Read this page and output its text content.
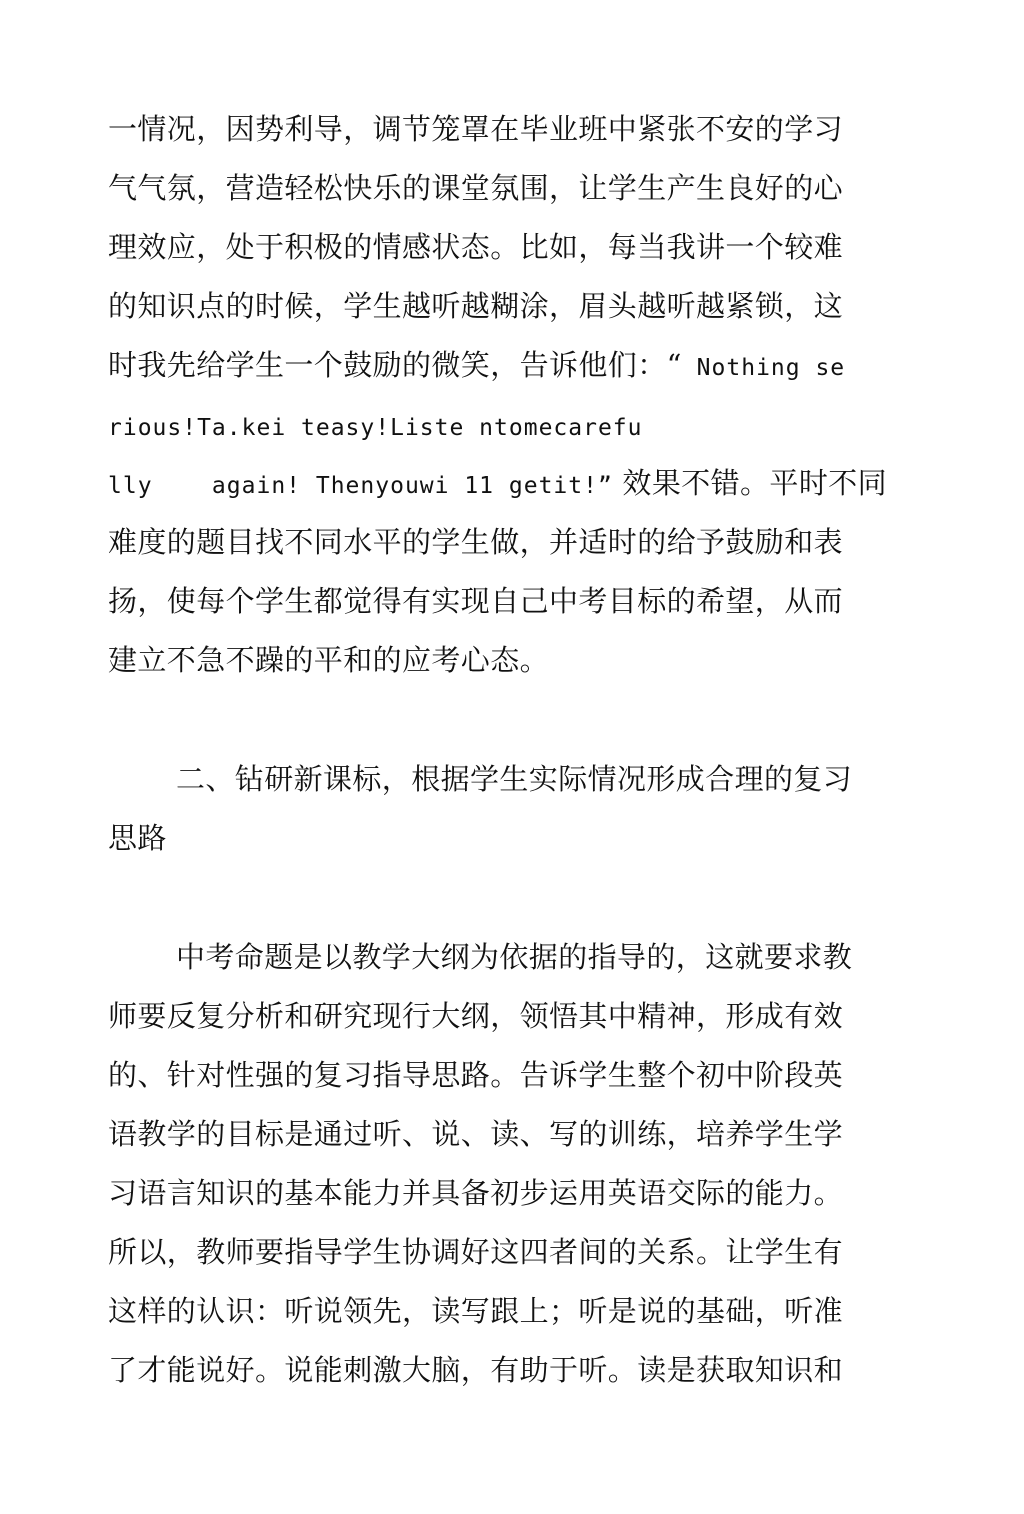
一情况，因势利导，调节笼罩在毕业班中紧张不安的学习
气气氛，营造轻松快乐的课堂氛围，让学生产生良好的心
理效应，处于积极的情感状态。比如，每当我讲一个较难
的知识点的时候，学生越听越糊涂，眉头越听越紧锁，这
时我先给学生一个鼓励的微笑，告诉他们：“ Nothing se
rious!Ta.kei teasy!Liste ntomecarefu
lly    again! Thenyouwi 11 getit!” 效果不错。平时不同
难度的题目找不同水平的学生做，并适时的给予鼓励和表
扬，使每个学生都觉得有实现自己中考目标的希望，从而
建立不急不躁的平和的应考心态。
二、钻研新课标，根据学生实际情况形成合理的复习
思路
中考命题是以教学大纲为依据的指导的，这就要求教
师要反复分析和研究现行大纲，领悟其中精神，形成有效
的、针对性强的复习指导思路。告诉学生整个初中阶段英
语教学的目标是通过听、说、读、写的训练，培养学生学
习语言知识的基本能力并具备初步运用英语交际的能力。
所以，教师要指导学生协调好这四者间的关系。让学生有
这样的认识：听说领先，读写跟上；听是说的基础，听准
了才能说好。说能刺激大脑，有助于听。读是获取知识和
